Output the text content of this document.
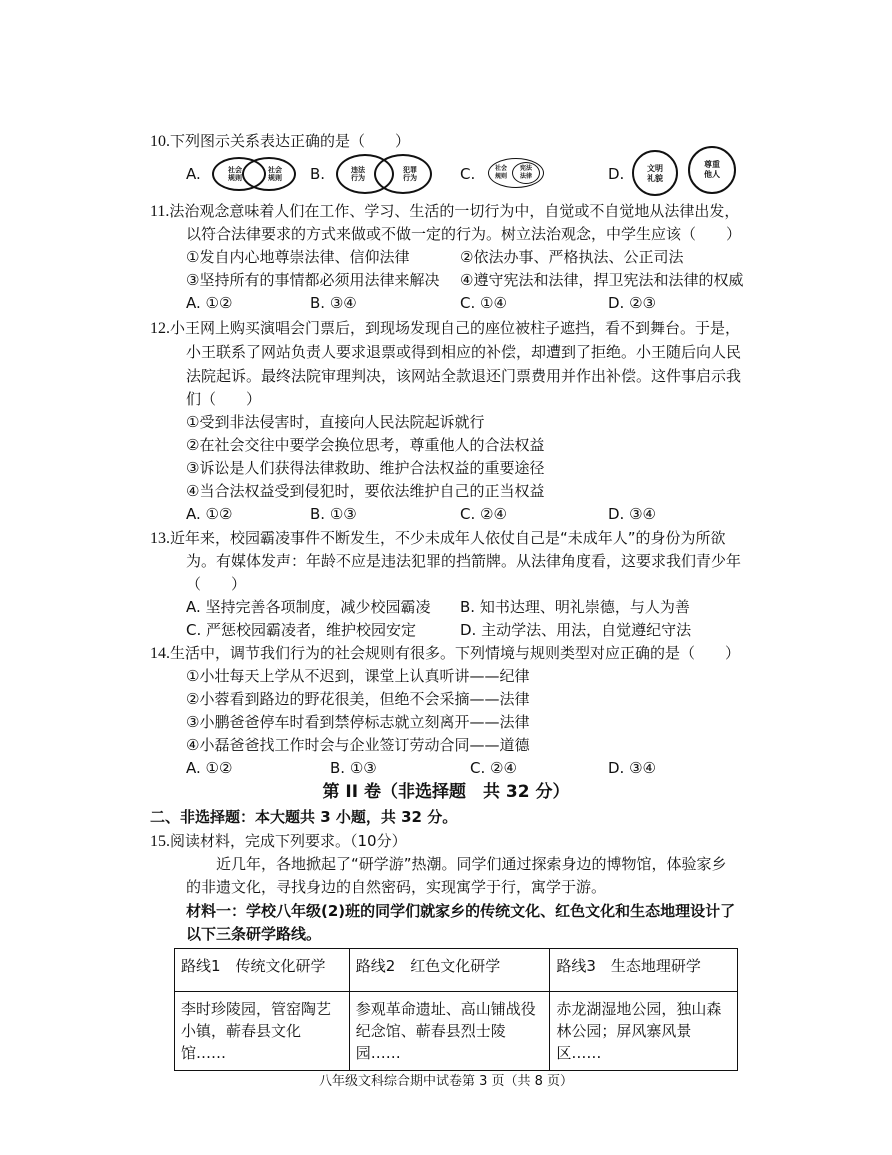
10.下列图示关系表达正确的是（　　）
A.	社会
规则
社会
规则 B.	违法
行为
犯罪
行为	C.	社会
规则
宪法
法律	D.	文明
礼貌
尊重
他人
11.法治观念意味着人们在工作、学习、生活的一切行为中，自觉或不自觉地从法律出发，
以符合法律要求的方式来做或不做一定的行为。树立法治观念，中学生应该（　　）
①发自内心地尊崇法律、信仰法律	②依法办事、严格执法、公正司法
③坚持所有的事情都必须用法律来解决 ④遵守宪法和法律，捍卫宪法和法律的权威
A. ①②	B. ③④	C. ①④	D. ②③
12.小王网上购买演唱会门票后，到现场发现自己的座位被柱子遮挡，看不到舞台。于是，
小王联系了网站负责人要求退票或得到相应的补偿，却遭到了拒绝。小王随后向人民
法院起诉。最终法院审理判决，该网站全款退还门票费用并作出补偿。这件事启示我
们（　　）
①受到非法侵害时，直接向人民法院起诉就行
②在社会交往中要学会换位思考，尊重他人的合法权益
③诉讼是人们获得法律救助、维护合法权益的重要途径
④当合法权益受到侵犯时，要依法维护自己的正当权益
A. ①②	B. ①③	C. ②④	D. ③④
13.近年来，校园霸凌事件不断发生，不少未成年人依仗自己是“未成年人”的身份为所欲
为。有媒体发声：年龄不应是违法犯罪的挡箭牌。从法律角度看，这要求我们青少年
（　　）
A. 坚持完善各项制度，减少校园霸凌 B. 知书达理、明礼崇德，与人为善
C. 严惩校园霸凌者，维护校园安定	D. 主动学法、用法，自觉遵纪守法
14.生活中，调节我们行为的社会规则有很多。下列情境与规则类型对应正确的是（　　）
①小壮每天上学从不迟到，课堂上认真听讲——纪律
②小蓉看到路边的野花很美，但绝不会采摘——法律
③小鹏爸爸停车时看到禁停标志就立刻离开——法律
④小磊爸爸找工作时会与企业签订劳动合同——道德
A. ①②	B. ①③	C. ②④	D. ③④
第 II 卷（非选择题　共 32 分）
二、非选择题：本大题共 3 小题，共 32 分。
15.阅读材料，完成下列要求。（10分）
近几年，各地掀起了“研学游”热潮。同学们通过探索身边的博物馆，体验家乡
的非遗文化，寻找身边的自然密码，实现寓学于行，寓学于游。
材料一：学校八年级(2)班的同学们就家乡的传统文化、红色文化和生态地理设计了
以下三条研学路线。
路线1　传统文化研学	路线2　红色文化研学	路线3　生态地理研学
李时珍陵园，管窑陶艺小镇，蕲春县文化馆……	参观革命遗址、高山铺战役纪念馆、蕲春县烈士陵园……	赤龙湖湿地公园，独山森林公园；屏风寨风景区……
八年级文科综合期中试卷第 3 页（共 8 页）
